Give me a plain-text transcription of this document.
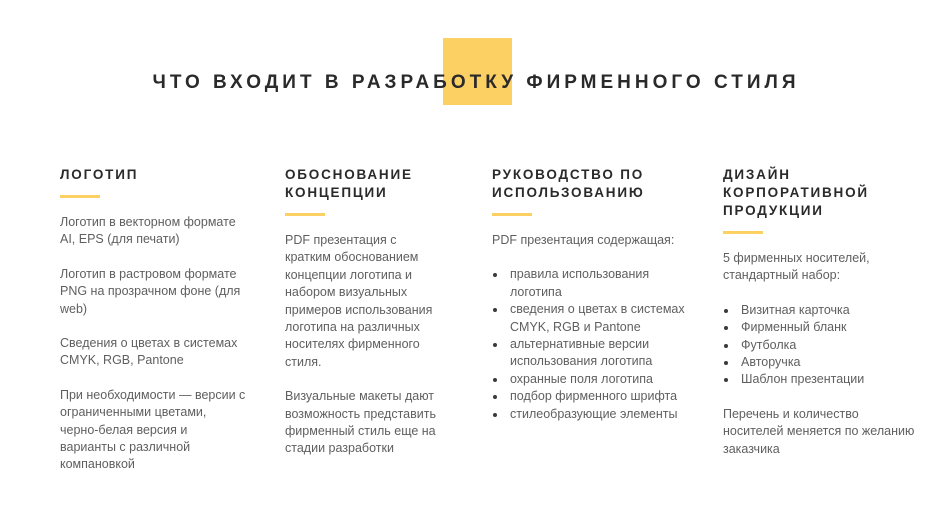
ЧТО ВХОДИТ В РАЗРАБОТКУ ФИРМЕННОГО СТИЛЯ
ЛОГОТИП

Логотип в векторном формате
AI, EPS (для печати)

Логотип в растровом формате
PNG на прозрачном фоне (для
web)

Сведения о цветах в системах
CMYK, RGB, Pantone

При необходимости — версии с
ограниченными цветами,
черно-белая версия и
варианты с различной
компановкой

ОБОСНОВАНИЕ
КОНЦЕПЦИИ

PDF презентация с
кратким обоснованием
концепции логотипа и
набором визуальных
примеров использования
логотипа на различных
носителях фирменного
стиля.

Визуальные макеты дают
возможность представить
фирменный стиль еще на
стадии разработки

РУКОВОДСТВО ПО
ИСПОЛЬЗОВАНИЮ

PDF презентация содержащая:

правила использования
логотипа
сведения о цветах в системах
CMYK, RGB и Pantone
альтернативные версии
использования логотипа
охранные поля логотипа
подбор фирменного шрифта
стилеобразующие элементы
ДИЗАЙН
КОРПОРАТИВНОЙ
ПРОДУКЦИИ

5 фирменных носителей,
стандартный набор:

Визитная карточка
Фирменный бланк
Футболка
Авторучка
Шаблон презентации

Перечень и количество
носителей меняется по желанию
заказчика
